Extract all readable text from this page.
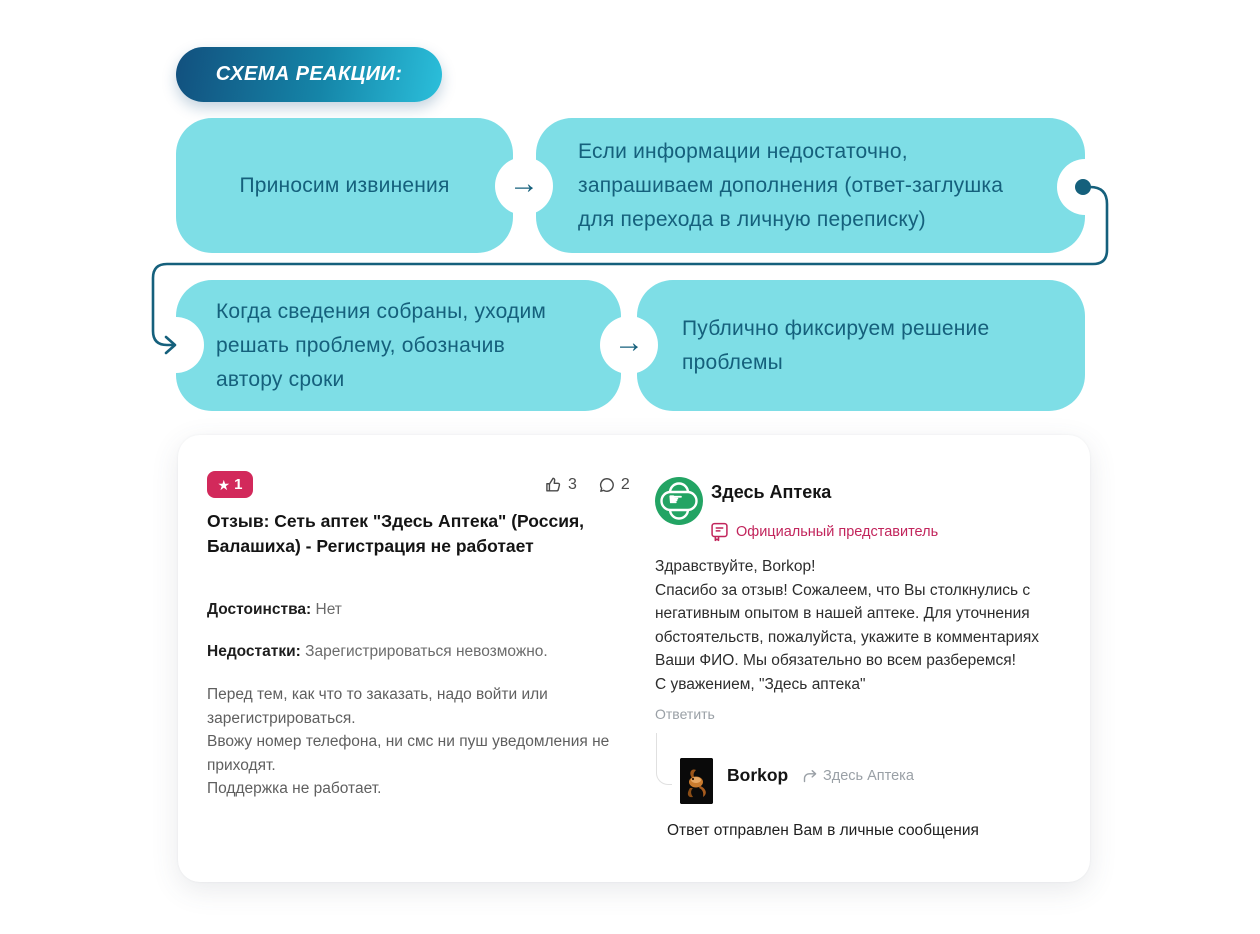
СХЕМА РЕАКЦИИ:
Приносим извинения
Если информации недостаточно,
запрашиваем дополнения (ответ-заглушка
для перехода в личную переписку)
Когда сведения собраны, уходим
решать проблему, обозначив
автору сроки
Публично фиксируем решение
проблемы
→
→
★ 1	3	2
Отзыв: Сеть аптек "Здесь Аптека" (Россия, Балашиха) - Регистрация не работает
Достоинства: Нет
Недостатки: Зарегистрироваться невозможно.
Перед тем, как что то заказать, надо войти или зарегистрироваться.
Ввожу номер телефона, ни смс ни пуш уведомления не приходят.
Поддержка не работает.
☛ Здесь Аптека
Официальный представитель
Здравствуйте, Borkop!
Спасибо за отзыв! Сожалеем, что Вы столкнулись с негативным опытом в нашей аптеке. Для уточнения обстоятельств, пожалуйста, укажите в комментариях Ваши ФИО. Мы обязательно во всем разберемся!
С уважением, "Здесь аптека"
Ответить
Borkop Здесь Аптека
Ответ отправлен Вам в личные сообщения
